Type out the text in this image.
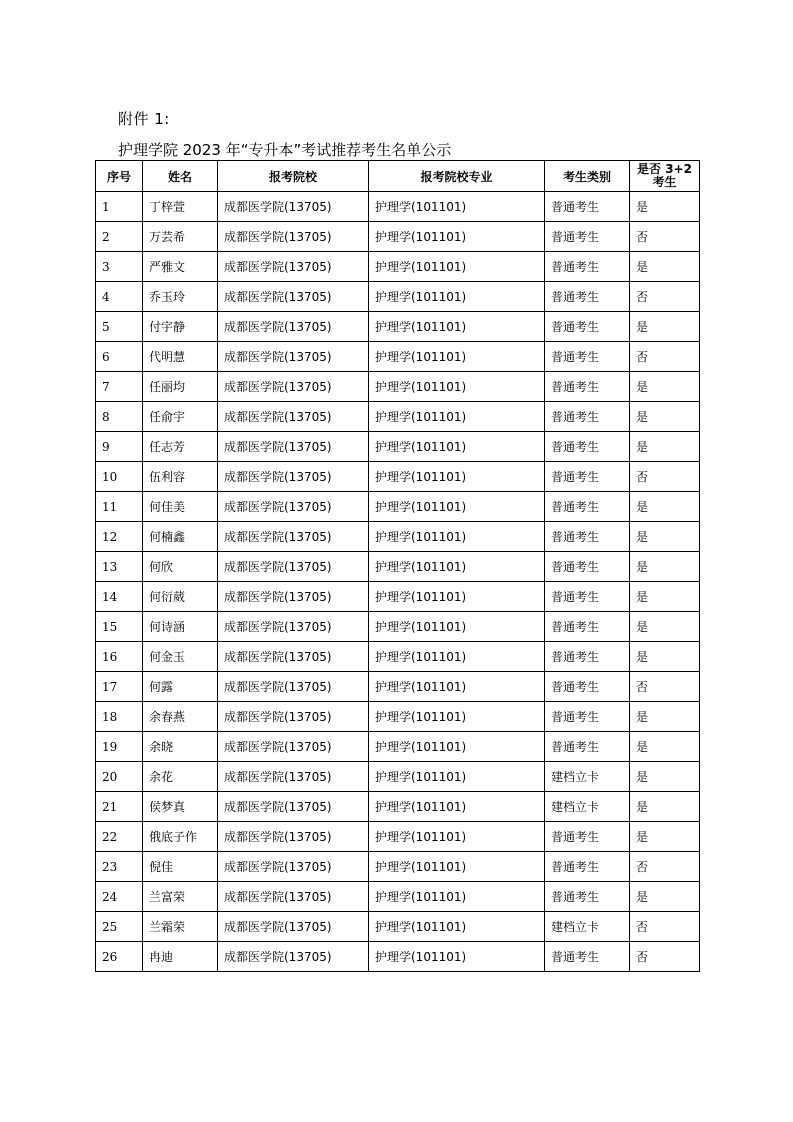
附件 1:
护理学院 2023 年“专升本”考试推荐考生名单公示
序号	姓名	报考院校	报考院校专业	考生类别	是否 3+2 考生
1	丁梓萱	成都医学院(13705)	护理学(101101)	普通考生	是
2	万芸希	成都医学院(13705)	护理学(101101)	普通考生	否
3	严雅文	成都医学院(13705)	护理学(101101)	普通考生	是
4	乔玉玲	成都医学院(13705)	护理学(101101)	普通考生	否
5	付宇静	成都医学院(13705)	护理学(101101)	普通考生	是
6	代明慧	成都医学院(13705)	护理学(101101)	普通考生	否
7	任丽均	成都医学院(13705)	护理学(101101)	普通考生	是
8	任俞宇	成都医学院(13705)	护理学(101101)	普通考生	是
9	任志芳	成都医学院(13705)	护理学(101101)	普通考生	是
10	伍利容	成都医学院(13705)	护理学(101101)	普通考生	否
11	何佳美	成都医学院(13705)	护理学(101101)	普通考生	是
12	何楠鑫	成都医学院(13705)	护理学(101101)	普通考生	是
13	何欣	成都医学院(13705)	护理学(101101)	普通考生	是
14	何衍葳	成都医学院(13705)	护理学(101101)	普通考生	是
15	何诗涵	成都医学院(13705)	护理学(101101)	普通考生	是
16	何金玉	成都医学院(13705)	护理学(101101)	普通考生	是
17	何露	成都医学院(13705)	护理学(101101)	普通考生	否
18	余春燕	成都医学院(13705)	护理学(101101)	普通考生	是
19	余晓	成都医学院(13705)	护理学(101101)	普通考生	是
20	余花	成都医学院(13705)	护理学(101101)	建档立卡	是
21	侯梦真	成都医学院(13705)	护理学(101101)	建档立卡	是
22	俄底子作	成都医学院(13705)	护理学(101101)	普通考生	是
23	倪佳	成都医学院(13705)	护理学(101101)	普通考生	否
24	兰富荣	成都医学院(13705)	护理学(101101)	普通考生	是
25	兰霜荣	成都医学院(13705)	护理学(101101)	建档立卡	否
26	冉迪	成都医学院(13705)	护理学(101101)	普通考生	否
